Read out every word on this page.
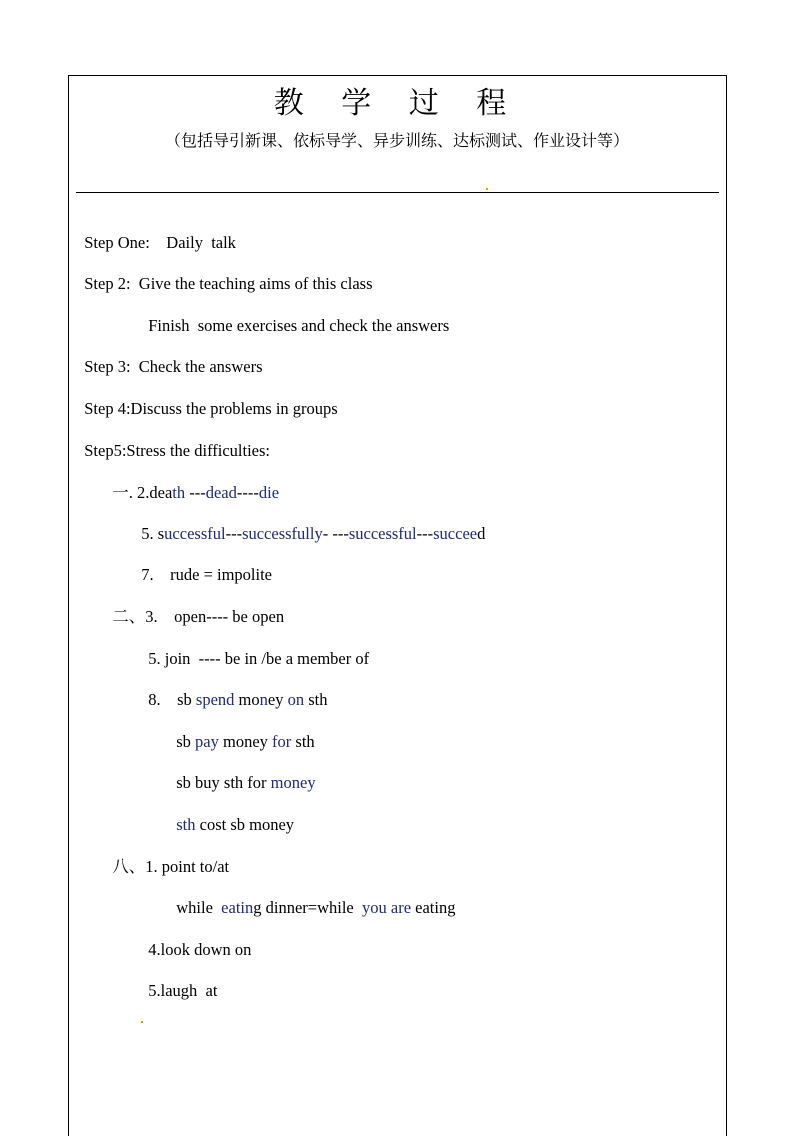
教 学 过 程
（包括导引新课、依标导学、异步训练、达标测试、作业设计等）

Step One:    Daily  talk

Step 2:  Give the teaching aims of this class

Finish  some exercises and check the answers

Step 3:  Check the answers

Step 4:Discuss the problems in groups

Step5:Stress the difficulties:

一. 2.death ---dead----die

5. successful---successfully- ---successful---succeed

7.    rude = impolite

二、3.    open---- be open

5. join  ---- be in /be a member of

8.    sb spend money on sth

sb pay money for sth

sb buy sth for money

sth cost sb money

八、1. point to/at

while  eating dinner=while  you are eating

4.look down on

5.laugh  at
